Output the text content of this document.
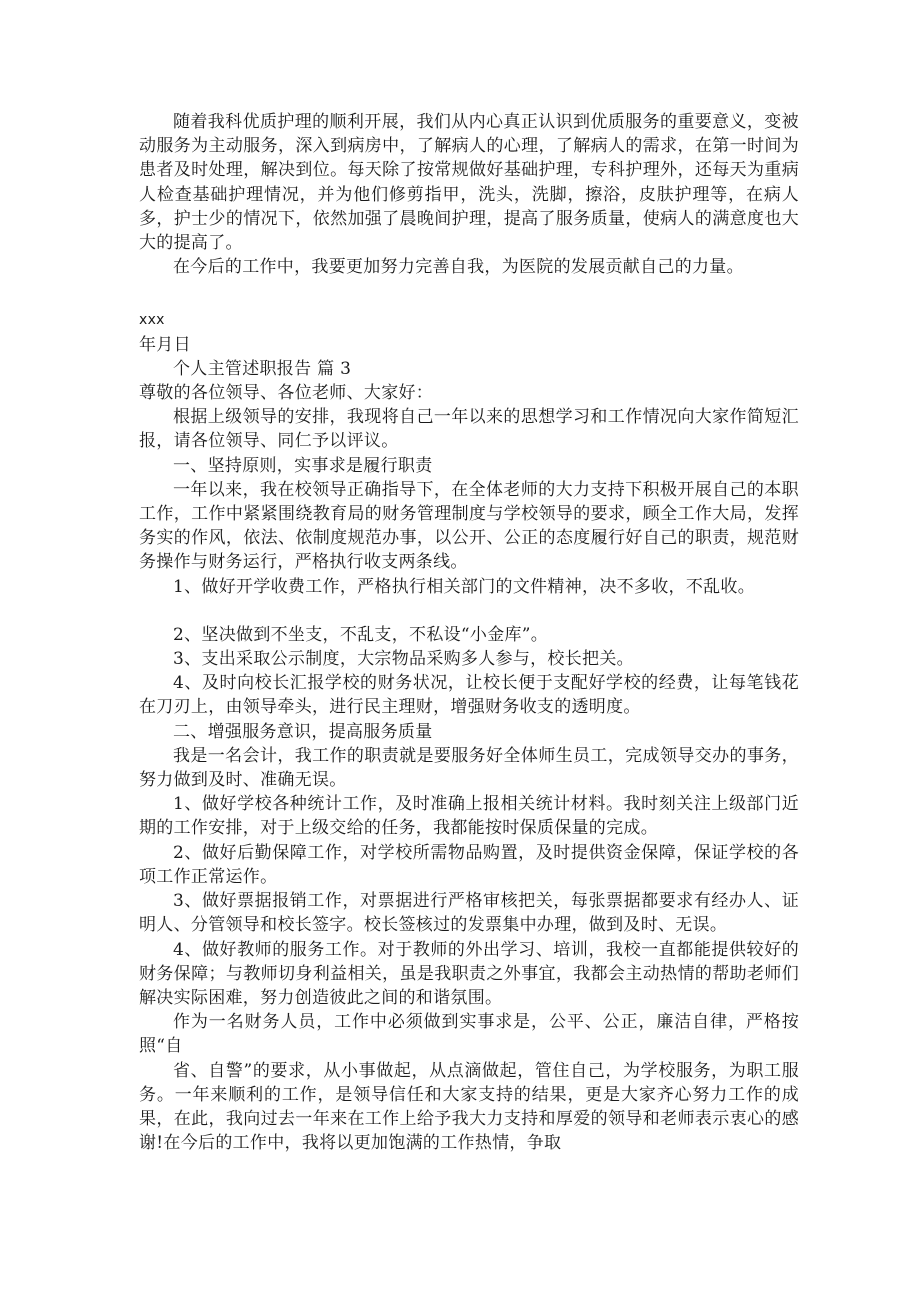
随着我科优质护理的顺利开展，我们从内心真正认识到优质服务的重要意义，变被动服务为主动服务，深入到病房中，了解病人的心理，了解病人的需求，在第一时间为患者及时处理，解决到位。每天除了按常规做好基础护理，专科护理外，还每天为重病人检查基础护理情况，并为他们修剪指甲，洗头，洗脚，擦浴，皮肤护理等，在病人多，护士少的情况下，依然加强了晨晚间护理，提高了服务质量，使病人的满意度也大大的提高了。

在今后的工作中，我要更加努力完善自我，为医院的发展贡献自己的力量。

xxx

年月日

个人主管述职报告 篇 3

尊敬的各位领导、各位老师、大家好：

根据上级领导的安排，我现将自己一年以来的思想学习和工作情况向大家作简短汇报，请各位领导、同仁予以评议。

一、坚持原则，实事求是履行职责

一年以来，我在校领导正确指导下，在全体老师的大力支持下积极开展自己的本职工作，工作中紧紧围绕教育局的财务管理制度与学校领导的要求，顾全工作大局，发挥务实的作风，依法、依制度规范办事，以公开、公正的态度履行好自己的职责，规范财务操作与财务运行，严格执行收支两条线。

1、做好开学收费工作，严格执行相关部门的文件精神，决不多收，不乱收。

2、坚决做到不坐支，不乱支，不私设“小金库”。

3、支出采取公示制度，大宗物品采购多人参与，校长把关。

4、及时向校长汇报学校的财务状况，让校长便于支配好学校的经费，让每笔钱花在刀刃上，由领导牵头，进行民主理财，增强财务收支的透明度。

二、增强服务意识，提高服务质量

我是一名会计，我工作的职责就是要服务好全体师生员工，完成领导交办的事务，努力做到及时、准确无误。

1、做好学校各种统计工作，及时准确上报相关统计材料。我时刻关注上级部门近期的工作安排，对于上级交给的任务，我都能按时保质保量的完成。

2、做好后勤保障工作，对学校所需物品购置，及时提供资金保障，保证学校的各项工作正常运作。

3、做好票据报销工作，对票据进行严格审核把关，每张票据都要求有经办人、证明人、分管领导和校长签字。校长签核过的发票集中办理，做到及时、无误。

4、做好教师的服务工作。对于教师的外出学习、培训，我校一直都能提供较好的财务保障；与教师切身利益相关，虽是我职责之外事宜，我都会主动热情的帮助老师们解决实际困难，努力创造彼此之间的和谐氛围。

作为一名财务人员，工作中必须做到实事求是，公平、公正，廉洁自律，严格按照“自

省、自警”的要求，从小事做起，从点滴做起，管住自己，为学校服务，为职工服务。一年来顺利的工作，是领导信任和大家支持的结果，更是大家齐心努力工作的成果，在此，我向过去一年来在工作上给予我大力支持和厚爱的领导和老师表示衷心的感谢!在今后的工作中，我将以更加饱满的工作热情，争取
